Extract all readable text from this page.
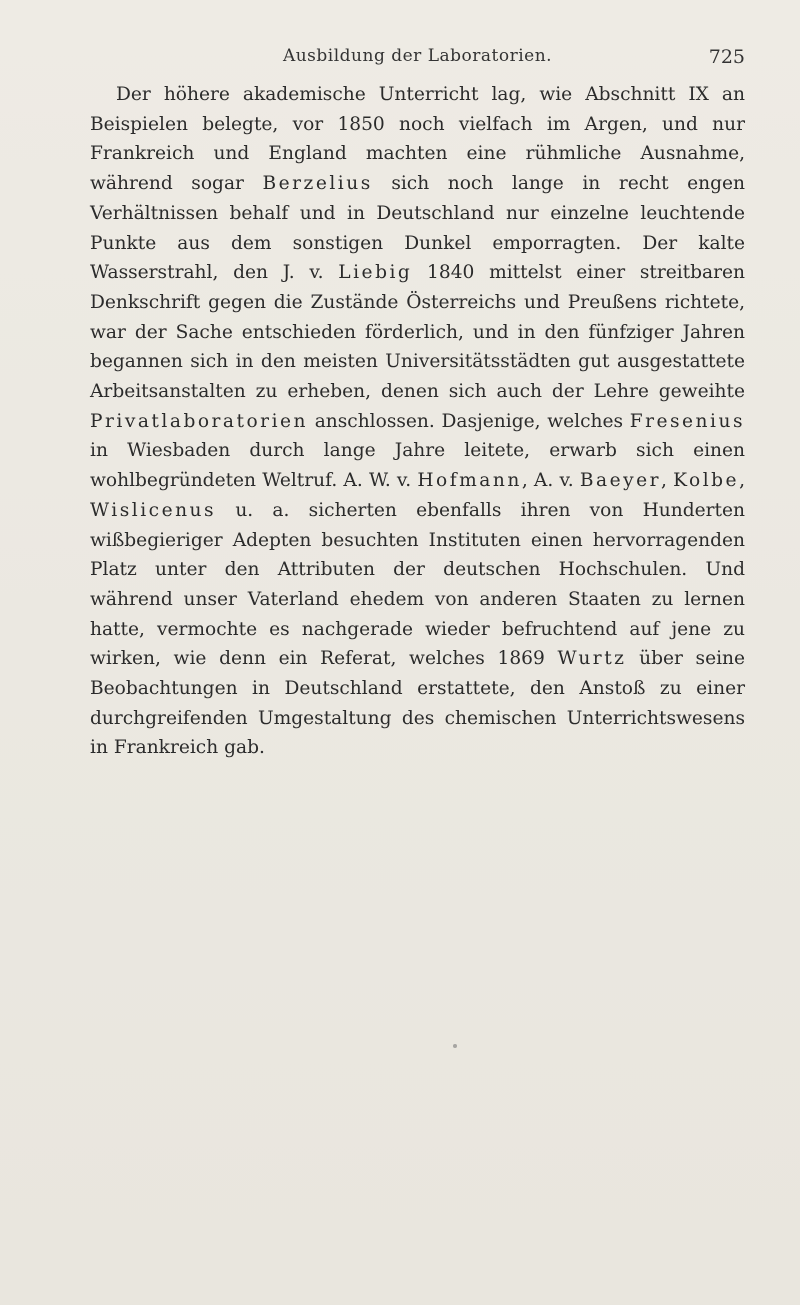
Ausbildung der Laboratorien.	725

Der höhere akademische Unterricht lag, wie Abschnitt IX an Beispielen belegte, vor 1850 noch vielfach im Argen, und nur Frankreich und England machten eine rühmliche Ausnahme, während sogar Berzelius sich noch lange in recht engen Verhältnissen behalf und in Deutschland nur einzelne leuchtende Punkte aus dem sonstigen Dunkel emporragten. Der kalte Wasserstrahl, den J. v. Liebig 1840 mittelst einer streitbaren Denkschrift gegen die Zustände Österreichs und Preußens richtete, war der Sache entschieden förderlich, und in den fünfziger Jahren begannen sich in den meisten Universitätsstädten gut ausgestattete Arbeitsanstalten zu erheben, denen sich auch der Lehre geweihte Privatlaboratorien anschlossen. Dasjenige, welches Fresenius in Wiesbaden durch lange Jahre leitete, erwarb sich einen wohlbegründeten Weltruf. A. W. v. Hofmann, A. v. Baeyer, Kolbe, Wislicenus u. a. sicherten ebenfalls ihren von Hunderten wißbegieriger Adepten besuchten Instituten einen hervorragenden Platz unter den Attributen der deutschen Hochschulen. Und während unser Vaterland ehedem von anderen Staaten zu lernen hatte, vermochte es nachgerade wieder befruchtend auf jene zu wirken, wie denn ein Referat, welches 1869 Wurtz über seine Beobachtungen in Deutschland erstattete, den Anstoß zu einer durchgreifenden Umgestaltung des chemischen Unterrichtswesens in Frankreich gab.
